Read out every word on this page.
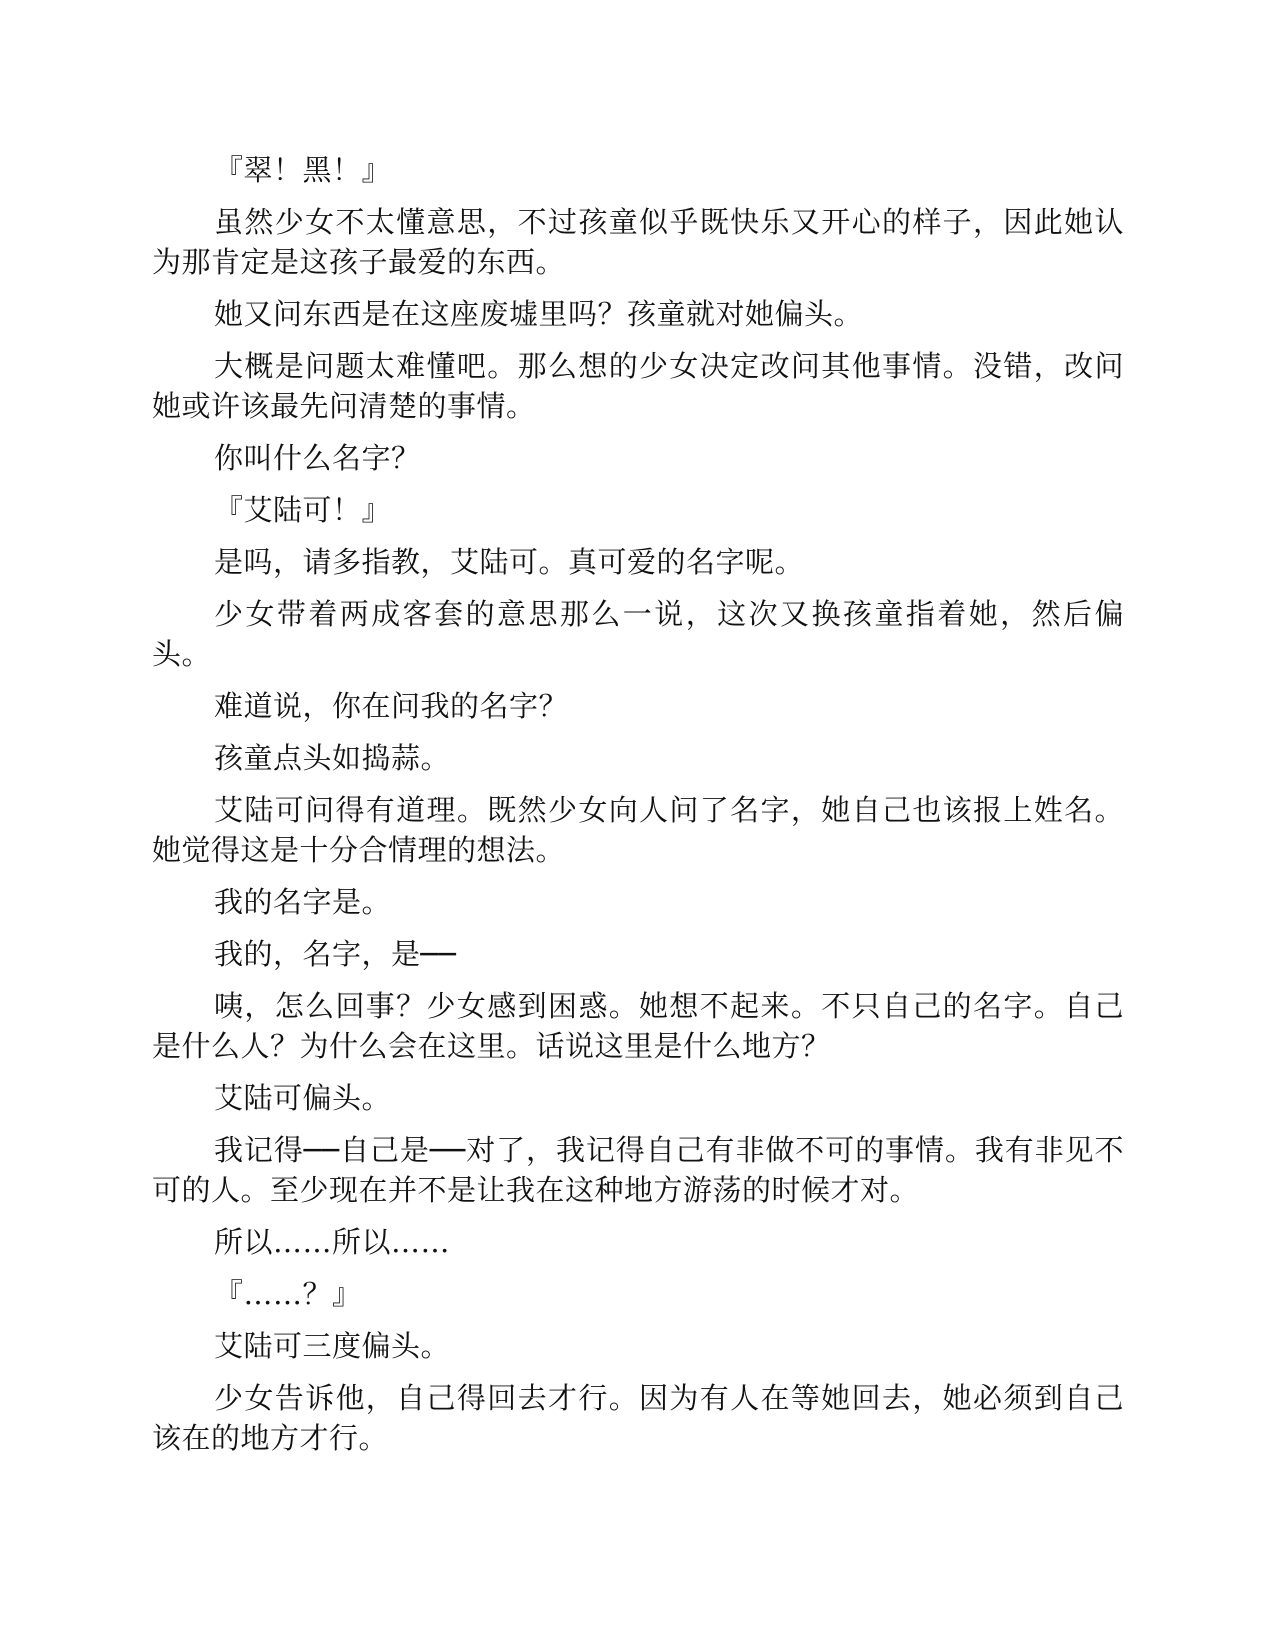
『翠！黑！』

虽然少女不太懂意思，不过孩童似乎既快乐又开心的样子，因此她认为那肯定是这孩子最爱的东西。

她又问东西是在这座废墟里吗？孩童就对她偏头。

大概是问题太难懂吧。那么想的少女决定改问其他事情。没错，改问她或许该最先问清楚的事情。

你叫什么名字？

『艾陆可！』

是吗，请多指教，艾陆可。真可爱的名字呢。

少女带着两成客套的意思那么一说，这次又换孩童指着她，然后偏头。

难道说，你在问我的名字？

孩童点头如捣蒜。

艾陆可问得有道理。既然少女向人问了名字，她自己也该报上姓名。她觉得这是十分合情理的想法。

我的名字是。

我的，名字，是──

咦，怎么回事？少女感到困惑。她想不起来。不只自己的名字。自己是什么人？为什么会在这里。话说这里是什么地方？

艾陆可偏头。

我记得──自己是──对了，我记得自己有非做不可的事情。我有非见不可的人。至少现在并不是让我在这种地方游荡的时候才对。

所以……所以……

『……？』

艾陆可三度偏头。

少女告诉他，自己得回去才行。因为有人在等她回去，她必须到自己该在的地方才行。
